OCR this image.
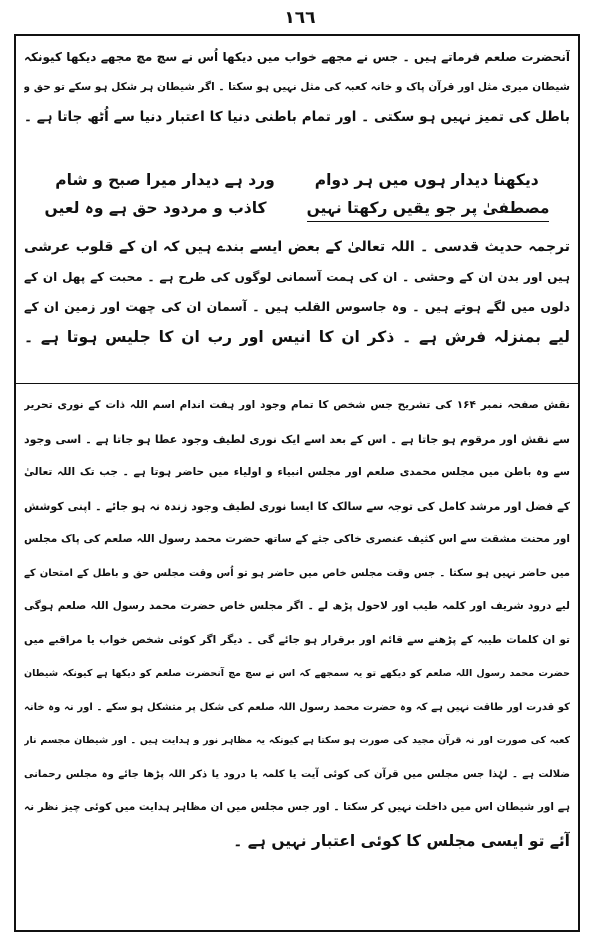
١٦٦
آنحضرت صلعم فرماتے ہیں ۔ جس نے مجھے خواب میں دیکھا اُس نے سچ مچ مجھے دیکھا کیونکہ
شیطان میری مثل اور قرآن پاک و خانہ کعبہ کی مثل نہیں ہو سکتا ۔ اگر شیطان ہر شکل ہو سکے تو حق و
باطل کی تمیز نہیں ہو سکتی ۔ اور تمام باطنی دنیا کا اعتبار دنیا سے اُٹھ جاتا ہے ۔
دیکھنا دیدار ہوں میں ہر دوام
ورد ہے دیدار میرا صبح و شام
مصطفیٰ پر جو یقیں رکھتا نہیں
کاذب و مردود حق ہے وہ لعیں
ترجمہ حدیث قدسی ۔ اللہ تعالیٰ کے بعض ایسے بندے ہیں کہ ان کے قلوب عرشی
ہیں اور بدن ان کے وحشی ۔ ان کی ہمت آسمانی لوگوں کی طرح ہے ۔ محبت کے پھل ان کے
دلوں میں لگے ہوتے ہیں ۔ وہ جاسوس القلب ہیں ۔ آسمان ان کی چھت اور زمین ان کے
لیے بمنزلہ فرش ہے ۔ ذکر ان کا انیس اور رب ان کا جلیس ہوتا ہے ۔
نقش صفحہ نمبر ۱۶۴ کی تشریح جس شخص کا تمام وجود اور ہفت اندام اسم اللہ ذات کے نوری تحریر
سے نقش اور مرقوم ہو جاتا ہے ۔ اس کے بعد اسے ایک نوری لطیف وجود عطا ہو جاتا ہے ۔ اسی وجود
سے وہ باطن میں مجلس محمدی صلعم اور مجلس انبیاء و اولیاء میں حاضر ہوتا ہے ۔ جب تک اللہ تعالیٰ
کے فضل اور مرشد کامل کی توجہ سے سالک کا ایسا نوری لطیف وجود زندہ نہ ہو جائے ۔ اپنی کوشش
اور محنت مشقت سے اس کثیف عنصری خاکی جثے کے ساتھ حضرت محمد رسول اللہ صلعم کی پاک مجلس
میں حاضر نہیں ہو سکتا ۔ جس وقت مجلس خاص میں حاضر ہو تو اُس وقت مجلس حق و باطل کے امتحان کے
لیے درود شریف اور کلمہ طیب اور لاحول پڑھ لے ۔ اگر مجلس خاص حضرت محمد رسول اللہ صلعم ہوگی
تو ان کلمات طیبہ کے پڑھنے سے قائم اور برقرار ہو جائے گی ۔ دیگر اگر کوئی شخص خواب یا مراقبے میں
حضرت محمد رسول اللہ صلعم کو دیکھے تو یہ سمجھے کہ اس نے سچ مچ آنحضرت صلعم کو دیکھا ہے کیونکہ شیطان
کو قدرت اور طاقت نہیں ہے کہ وہ حضرت محمد رسول اللہ صلعم کی شکل پر متشکل ہو سکے ۔ اور نہ وہ خانہ
کعبہ کی صورت اور نہ قرآن مجید کی صورت ہو سکتا ہے کیونکہ یہ مظاہر نور و ہدایت ہیں ۔ اور شیطان مجسم نار
ضلالت ہے ۔ لہٰذا جس مجلس میں قرآن کی کوئی آیت یا کلمہ یا درود یا ذکر اللہ پڑھا جائے وہ مجلس رحمانی
ہے اور شیطان اس میں داخلت نہیں کر سکتا ۔ اور جس مجلس میں ان مظاہر ہدایت میں کوئی چیز نظر نہ
آئے تو ایسی مجلس کا کوئی اعتبار نہیں ہے ۔
